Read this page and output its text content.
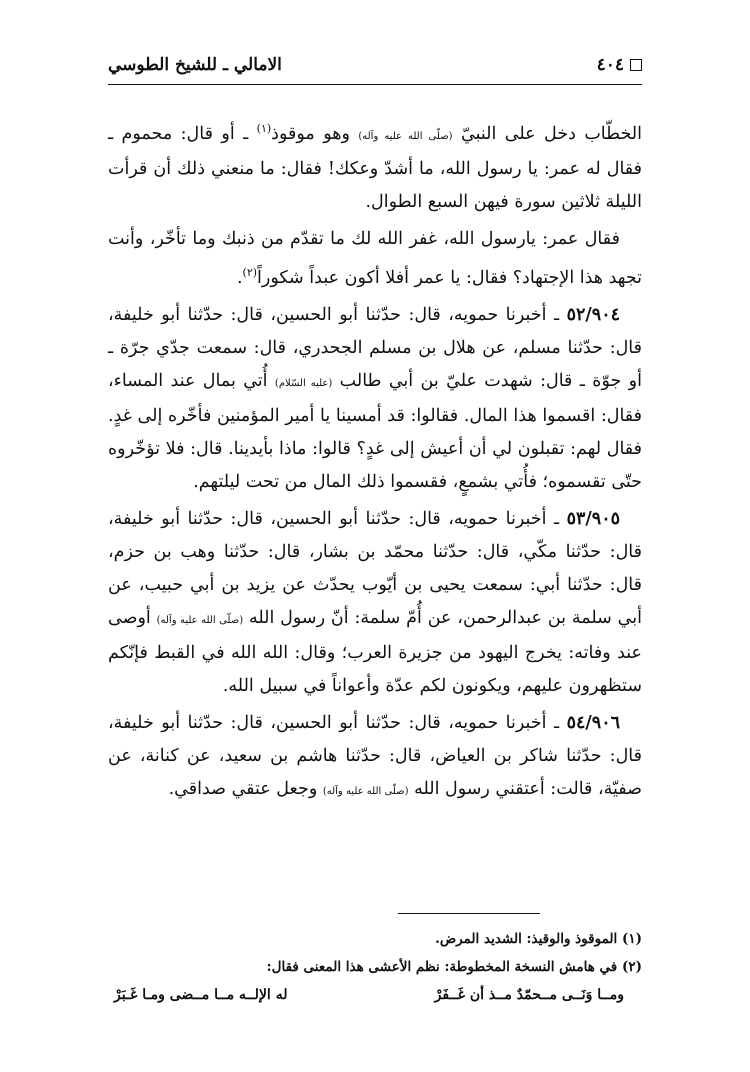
٤٠٤
الامالي ـ للشيخ الطوسي

الخطّاب دخل على النبيّ (صلّى الله عليه وآله) وهو موقوذ$^{(١)}$ ـ أو قال: محموم ـ فقال له عمر: يا رسول الله، ما أشدّ وعكك! فقال: ما منعني ذلك أن قرأت الليلة ثلاثين سورة فيهن السبع الطوال.

فقال عمر: يارسول الله، غفر الله لك ما تقدّم من ذنبك وما تأخّر، وأنت تجهد هذا الإجتهاد؟ فقال: يا عمر أفلا أكون عبداً شكوراً$^{(٢)}$.

٥٢/٩٠٤ ـ أخبرنا حمويه، قال: حدّثنا أبو الحسين، قال: حدّثنا أبو خليفة، قال: حدّثنا مسلم، عن هلال بن مسلم الجحدري، قال: سمعت جدّي جرّة ـ أو جوّة ـ قال: شهدت عليّ بن أبي طالب (عليه السّلام) أُتي بمال عند المساء، فقال: اقسموا هذا المال. فقالوا: قد أمسينا يا أمير المؤمنين فأخّره إلى غدٍ. فقال لهم: تقبلون لي أن أعيش إلى غدٍ؟ قالوا: ماذا بأيدينا. قال: فلا تؤخّروه حتّى تقسموه؛ فأُتي بشمعٍ، فقسموا ذلك المال من تحت ليلتهم.

٥٣/٩٠٥ ـ أخبرنا حمويه، قال: حدّثنا أبو الحسين، قال: حدّثنا أبو خليفة، قال: حدّثنا مكّي، قال: حدّثنا محمّد بن بشار، قال: حدّثنا وهب بن حزم، قال: حدّثنا أبي: سمعت يحيى بن أيّوب يحدّث عن يزيد بن أبي حبيب، عن أبي سلمة بن عبدالرحمن، عن أُمّ سلمة: أنّ رسول الله (صلّى الله عليه وآله) أوصى عند وفاته: يخرج اليهود من جزيرة العرب؛ وقال: الله الله في القبط فإنّكم ستظهرون عليهم، ويكونون لكم عدّة وأعواناً في سبيل الله.

٥٤/٩٠٦ ـ أخبرنا حمويه، قال: حدّثنا أبو الحسين، قال: حدّثنا أبو خليفة، قال: حدّثنا شاكر بن العياض، قال: حدّثنا هاشم بن سعيد، عن كنانة، عن صفيّة، قالت: أعتقني رسول الله (صلّى الله عليه وآله) وجعل عتقي صداقي.

(١) الموقوذ والوقيذ: الشديد المرض.

(٢) في هامش النسخة المخطوطة: نظم الأعشى هذا المعنى فقال:

ومــا وَنَــى مــحمّدٌ مــذ أن غَــفَرْ
له الإلــه مــا مــضى ومـا غَـبَرْ
